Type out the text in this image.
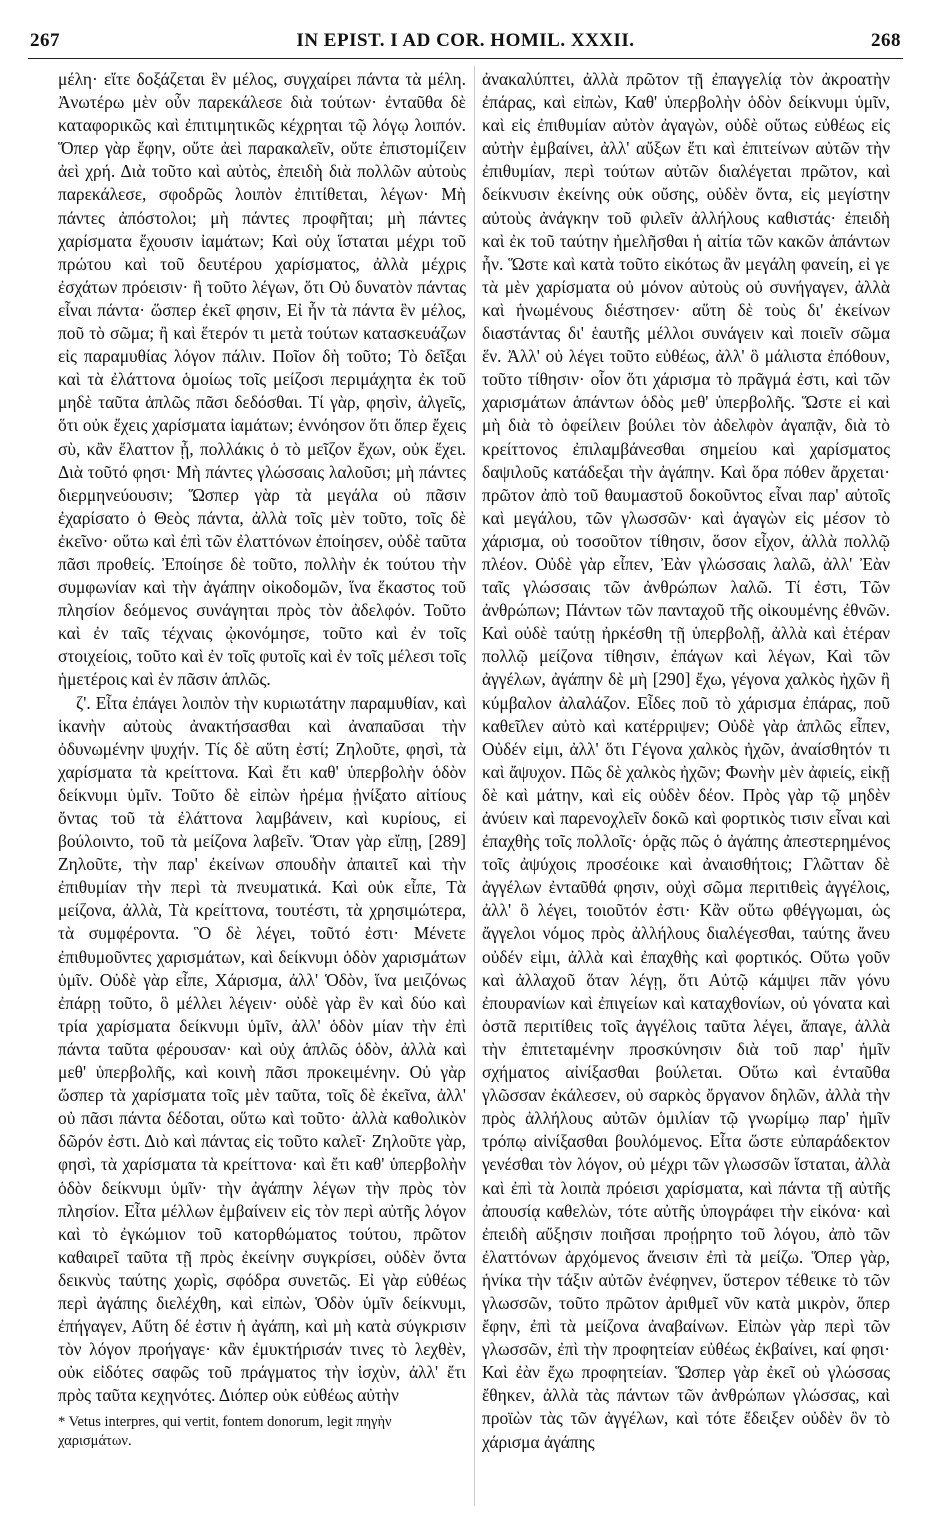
267	IN EPIST. I AD COR. HOMIL. XXXII.	268

μέλη· εἴτε δοξάζεται ἓν μέλος, συγχαίρει πάντα τὰ μέλη. Ἀνωτέρω μὲν οὖν παρεκάλεσε διὰ τούτων· ἐνταῦθα δὲ καταφορικῶς καὶ ἐπιτιμητικῶς κέχρηται τῷ λόγῳ λοιπόν. Ὅπερ γὰρ ἔφην, οὔτε ἀεὶ παρακαλεῖν, οὔτε ἐπιστομίζειν ἀεὶ χρή. Διὰ τοῦτο καὶ αὐτὸς, ἐπειδὴ διὰ πολλῶν αὐτοὺς παρεκάλεσε, σφοδρῶς λοιπὸν ἐπιτίθεται, λέγων· Μὴ πάντες ἀπόστολοι; μὴ πάντες προφῆται; μὴ πάντες χαρίσματα ἔχουσιν ἰαμάτων; Καὶ οὐχ ἵσταται μέχρι τοῦ πρώτου καὶ τοῦ δευτέρου χαρίσματος, ἀλλὰ μέχρις ἐσχάτων πρόεισιν· ἢ τοῦτο λέγων, ὅτι Οὐ δυνατὸν πάντας εἶναι πάντα· ὥσπερ ἐκεῖ φησιν, Εἰ ἦν τὰ πάντα ἓν μέλος, ποῦ τὸ σῶμα; ἢ καὶ ἕτερόν τι μετὰ τούτων κατασκευάζων εἰς παραμυθίας λόγον πάλιν. Ποῖον δὴ τοῦτο; Τὸ δεῖξαι καὶ τὰ ἐλάττονα ὁμοίως τοῖς μείζοσι περιμάχητα ἐκ τοῦ μηδὲ ταῦτα ἁπλῶς πᾶσι δεδόσθαι. Τί γὰρ, φησὶν, ἀλγεῖς, ὅτι οὐκ ἔχεις χαρίσματα ἰαμάτων; ἐννόησον ὅτι ὅπερ ἔχεις σὺ, κἂν ἔλαττον ᾖ, πολλάκις ὁ τὸ μεῖζον ἔχων, οὐκ ἔχει. Διὰ τοῦτό φησι· Μὴ πάντες γλώσσαις λαλοῦσι; μὴ πάντες διερμηνεύουσιν; Ὥσπερ γὰρ τὰ μεγάλα οὐ πᾶσιν ἐχαρίσατο ὁ Θεὸς πάντα, ἀλλὰ τοῖς μὲν τοῦτο, τοῖς δὲ ἐκεῖνο· οὕτω καὶ ἐπὶ τῶν ἐλαττόνων ἐποίησεν, οὐδὲ ταῦτα πᾶσι προθείς. Ἐποίησε δὲ τοῦτο, πολλὴν ἐκ τούτου τὴν συμφωνίαν καὶ τὴν ἀγάπην οἰκοδομῶν, ἵνα ἕκαστος τοῦ πλησίον δεόμενος συνάγηται πρὸς τὸν ἀδελφόν. Τοῦτο καὶ ἐν ταῖς τέχναις ᾠκονόμησε, τοῦτο καὶ ἐν τοῖς στοιχείοις, τοῦτο καὶ ἐν τοῖς φυτοῖς καὶ ἐν τοῖς μέλεσι τοῖς ἡμετέροις καὶ ἐν πᾶσιν ἁπλῶς.

ζ'. Εἶτα ἐπάγει λοιπὸν τὴν κυριωτάτην παραμυθίαν, καὶ ἱκανὴν αὐτοὺς ἀνακτήσασθαι καὶ ἀναπαῦσαι τὴν ὀδυνωμένην ψυχήν. Τίς δὲ αὕτη ἐστί; Ζηλοῦτε, φησὶ, τὰ χαρίσματα τὰ κρείττονα. Καὶ ἔτι καθ' ὑπερβολὴν ὁδὸν δείκνυμι ὑμῖν. Τοῦτο δὲ εἰπὼν ἠρέμα ᾐνίξατο αἰτίους ὄντας τοῦ τὰ ἐλάττονα λαμβάνειν, καὶ κυρίους, εἰ βούλοιντο, τοῦ τὰ μείζονα λαβεῖν. Ὅταν γὰρ εἴπῃ, [289] Ζηλοῦτε, τὴν παρ' ἐκείνων σπουδὴν ἀπαιτεῖ καὶ τὴν ἐπιθυμίαν τὴν περὶ τὰ πνευματικά. Καὶ οὐκ εἶπε, Τὰ μείζονα, ἀλλὰ, Τὰ κρείττονα, τουτέστι, τὰ χρησιμώτερα, τὰ συμφέροντα. Ὃ δὲ λέγει, τοῦτό ἐστι· Μένετε ἐπιθυμοῦντες χαρισμάτων, καὶ δείκνυμι ὁδὸν χαρισμάτων ὑμῖν. Οὐδὲ γὰρ εἶπε, Χάρισμα, ἀλλ' Ὁδὸν, ἵνα μειζόνως ἐπάρῃ τοῦτο, ὃ μέλλει λέγειν· οὐδὲ γὰρ ἓν καὶ δύο καὶ τρία χαρίσματα δείκνυμι ὑμῖν, ἀλλ' ὁδὸν μίαν τὴν ἐπὶ πάντα ταῦτα φέρουσαν· καὶ οὐχ ἁπλῶς ὁδὸν, ἀλλὰ καὶ μεθ' ὑπερβολῆς, καὶ κοινὴ πᾶσι προκειμένην. Οὐ γὰρ ὥσπερ τὰ χαρίσματα τοῖς μὲν ταῦτα, τοῖς δὲ ἐκεῖνα, ἀλλ' οὐ πᾶσι πάντα δέδοται, οὕτω καὶ τοῦτο· ἀλλὰ καθολικὸν δῶρόν ἐστι. Διὸ καὶ πάντας εἰς τοῦτο καλεῖ· Ζηλοῦτε γὰρ, φησὶ, τὰ χαρίσματα τὰ κρείττονα· καὶ ἔτι καθ' ὑπερβολὴν ὁδὸν δείκνυμι ὑμῖν· τὴν ἀγάπην λέγων τὴν πρὸς τὸν πλησίον. Εἶτα μέλλων ἐμβαίνειν εἰς τὸν περὶ αὐτῆς λόγον καὶ τὸ ἐγκώμιον τοῦ κατορθώματος τούτου, πρῶτον καθαιρεῖ ταῦτα τῇ πρὸς ἐκείνην συγκρίσει, οὐδὲν ὄντα δεικνὺς ταύτης χωρὶς, σφόδρα συνετῶς. Εἰ γὰρ εὐθέως περὶ ἀγάπης διελέχθη, καὶ εἰπὼν, Ὁδὸν ὑμῖν δείκνυμι, ἐπήγαγεν, Αὕτη δέ ἐστιν ἡ ἀγάπη, καὶ μὴ κατὰ σύγκρισιν τὸν λόγον προήγαγε· κἂν ἐμυκτήρισάν τινες τὸ λεχθὲν, οὐκ εἰδότες σαφῶς τοῦ πράγματος τὴν ἰσχὺν, ἀλλ' ἔτι πρὸς ταῦτα κεχηνότες. Διόπερ οὐκ εὐθέως αὐτὴν

* Vetus interpres, qui vertit, fontem donorum, legit πηγὴν χαρισμάτων.

ἀνακαλύπτει, ἀλλὰ πρῶτον τῇ ἐπαγγελίᾳ τὸν ἀκροατὴν ἐπάρας, καὶ εἰπὼν, Καθ' ὑπερβολὴν ὁδὸν δείκνυμι ὑμῖν, καὶ εἰς ἐπιθυμίαν αὐτὸν ἀγαγὼν, οὐδὲ οὕτως εὐθέως εἰς αὐτὴν ἐμβαίνει, ἀλλ' αὔξων ἔτι καὶ ἐπιτείνων αὐτῶν τὴν ἐπιθυμίαν, περὶ τούτων αὐτῶν διαλέγεται πρῶτον, καὶ δείκνυσιν ἐκείνης οὐκ οὔσης, οὐδὲν ὄντα, εἰς μεγίστην αὐτοὺς ἀνάγκην τοῦ φιλεῖν ἀλλήλους καθιστάς· ἐπειδὴ καὶ ἐκ τοῦ ταύτην ἠμελῆσθαι ἡ αἰτία τῶν κακῶν ἁπάντων ἦν. Ὥστε καὶ κατὰ τοῦτο εἰκότως ἂν μεγάλη φανείη, εἰ γε τὰ μὲν χαρίσματα οὐ μόνον αὐτοὺς οὐ συνήγαγεν, ἀλλὰ καὶ ἡνωμένους διέστησεν· αὕτη δὲ τοὺς δι' ἐκείνων διαστάντας δι' ἑαυτῆς μέλλοι συνάγειν καὶ ποιεῖν σῶμα ἕν. Ἀλλ' οὐ λέγει τοῦτο εὐθέως, ἀλλ' ὃ μάλιστα ἐπόθουν, τοῦτο τίθησιν· οἷον ὅτι χάρισμα τὸ πρᾶγμά ἐστι, καὶ τῶν χαρισμάτων ἁπάντων ὁδὸς μεθ' ὑπερβολῆς. Ὥστε εἰ καὶ μὴ διὰ τὸ ὀφείλειν βούλει τὸν ἀδελφὸν ἀγαπᾷν, διὰ τὸ κρείττονος ἐπιλαμβάνεσθαι σημείου καὶ χαρίσματος δαψιλοῦς κατάδεξαι τὴν ἀγάπην. Καὶ ὅρα πόθεν ἄρχεται· πρῶτον ἀπὸ τοῦ θαυμαστοῦ δοκοῦντος εἶναι παρ' αὐτοῖς καὶ μεγάλου, τῶν γλωσσῶν· καὶ ἀγαγὼν εἰς μέσον τὸ χάρισμα, οὐ τοσοῦτον τίθησιν, ὅσον εἶχον, ἀλλὰ πολλῷ πλέον. Οὐδὲ γὰρ εἶπεν, Ἐὰν γλώσσαις λαλῶ, ἀλλ' Ἐὰν ταῖς γλώσσαις τῶν ἀνθρώπων λαλῶ. Τί ἐστι, Τῶν ἀνθρώπων; Πάντων τῶν πανταχοῦ τῆς οἰκουμένης ἐθνῶν. Καὶ οὐδὲ ταύτῃ ἠρκέσθη τῇ ὑπερβολῇ, ἀλλὰ καὶ ἑτέραν πολλῷ μείζονα τίθησιν, ἐπάγων καὶ λέγων, Καὶ τῶν ἀγγέλων, ἀγάπην δὲ μὴ [290] ἔχω, γέγονα χαλκὸς ἠχῶν ἢ κύμβαλον ἀλαλάζον. Εἶδες ποῦ τὸ χάρισμα ἐπάρας, ποῦ καθεῖλεν αὐτὸ καὶ κατέρριψεν; Οὐδὲ γὰρ ἁπλῶς εἶπεν, Οὐδέν εἰμι, ἀλλ' ὅτι Γέγονα χαλκὸς ἠχῶν, ἀναίσθητόν τι καὶ ἄψυχον. Πῶς δὲ χαλκὸς ἠχῶν; Φωνὴν μὲν ἀφιείς, εἰκῇ δὲ καὶ μάτην, καὶ εἰς οὐδὲν δέον. Πρὸς γὰρ τῷ μηδὲν ἀνύειν καὶ παρενοχλεῖν δοκῶ καὶ φορτικὸς τισιν εἶναι καὶ ἐπαχθὴς τοῖς πολλοῖς· ὁρᾷς πῶς ὁ ἀγάπης ἀπεστερημένος τοῖς ἀψύχοις προσέοικε καὶ ἀναισθήτοις; Γλῶτταν δὲ ἀγγέλων ἐνταῦθά φησιν, οὐχὶ σῶμα περιτιθεὶς ἀγγέλοις, ἀλλ' ὃ λέγει, τοιοῦτόν ἐστι· Κἂν οὕτω φθέγγωμαι, ὡς ἄγγελοι νόμος πρὸς ἀλλήλους διαλέγεσθαι, ταύτης ἄνευ οὐδέν εἰμι, ἀλλὰ καὶ ἐπαχθὴς καὶ φορτικός. Οὕτω γοῦν καὶ ἀλλαχοῦ ὅταν λέγῃ, ὅτι Αὐτῷ κάμψει πᾶν γόνυ ἐπουρανίων καὶ ἐπιγείων καὶ καταχθονίων, οὐ γόνατα καὶ ὀστᾶ περιτίθεις τοῖς ἀγγέλοις ταῦτα λέγει, ἄπαγε, ἀλλὰ τὴν ἐπιτεταμένην προσκύνησιν διὰ τοῦ παρ' ἡμῖν σχήματος αἰνίξασθαι βούλεται. Οὕτω καὶ ἐνταῦθα γλῶσσαν ἐκάλεσεν, οὐ σαρκὸς ὄργανον δηλῶν, ἀλλὰ τὴν πρὸς ἀλλήλους αὐτῶν ὁμιλίαν τῷ γνωρίμῳ παρ' ἡμῖν τρόπῳ αἰνίξασθαι βουλόμενος. Εἶτα ὥστε εὐπαράδεκτον γενέσθαι τὸν λόγον, οὐ μέχρι τῶν γλωσσῶν ἵσταται, ἀλλὰ καὶ ἐπὶ τὰ λοιπὰ πρόεισι χαρίσματα, καὶ πάντα τῇ αὐτῆς ἀπουσίᾳ καθελὼν, τότε αὐτῆς ὑπογράφει τὴν εἰκόνα· καὶ ἐπειδὴ αὔξησιν ποιῆσαι προῄρητο τοῦ λόγου, ἀπὸ τῶν ἐλαττόνων ἀρχόμενος ἄνεισιν ἐπὶ τὰ μείζω. Ὅπερ γὰρ, ἡνίκα τὴν τάξιν αὐτῶν ἐνέφηνεν, ὕστερον τέθεικε τὸ τῶν γλωσσῶν, τοῦτο πρῶτον ἀριθμεῖ νῦν κατὰ μικρὸν, ὅπερ ἔφην, ἐπὶ τὰ μείζονα ἀναβαίνων. Εἰπὼν γὰρ περὶ τῶν γλωσσῶν, ἐπὶ τὴν προφητείαν εὐθέως ἐκβαίνει, καί φησι· Καὶ ἐὰν ἔχω προφητείαν. Ὥσπερ γὰρ ἐκεῖ οὐ γλώσσας ἔθηκεν, ἀλλὰ τὰς πάντων τῶν ἀνθρώπων γλώσσας, καὶ προϊὼν τὰς τῶν ἀγγέλων, καὶ τότε ἔδειξεν οὐδὲν ὂν τὸ χάρισμα ἀγάπης
